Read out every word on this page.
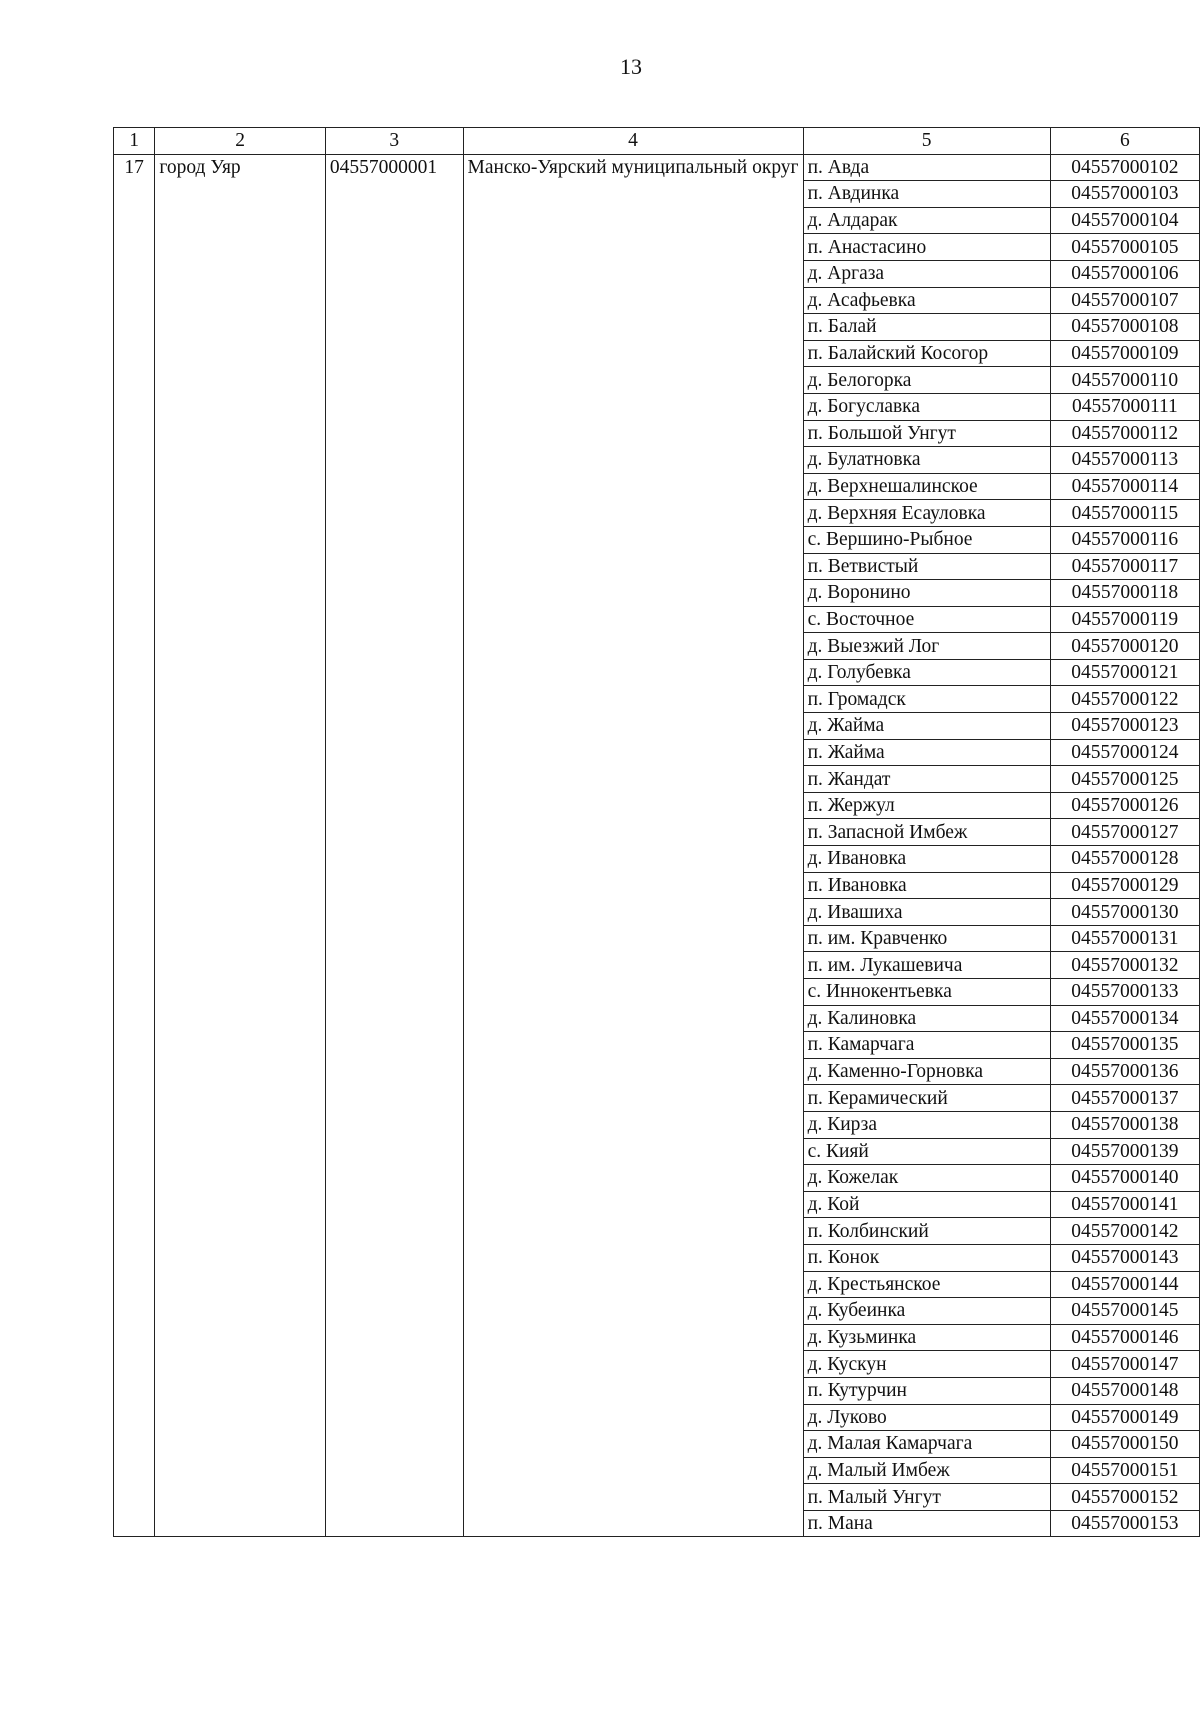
13
1	2	3	4	5	6
17	город Уяр	04557000001	Манско-Уярский муниципальный округ	п. Авда	04557000102
				п. Авдинка	04557000103
				д. Алдарак	04557000104
				п. Анастасино	04557000105
				д. Аргаза	04557000106
				д. Асафьевка	04557000107
				п. Балай	04557000108
				п. Балайский Косогор	04557000109
				д. Белогорка	04557000110
				д. Богуславка	04557000111
				п. Большой Унгут	04557000112
				д. Булатновка	04557000113
				д. Верхнешалинское	04557000114
				д. Верхняя Есауловка	04557000115
				с. Вершино-Рыбное	04557000116
				п. Ветвистый	04557000117
				д. Воронино	04557000118
				с. Восточное	04557000119
				д. Выезжий Лог	04557000120
				д. Голубевка	04557000121
				п. Громадск	04557000122
				д. Жайма	04557000123
				п. Жайма	04557000124
				п. Жандат	04557000125
				п. Жержул	04557000126
				п. Запасной Имбеж	04557000127
				д. Ивановка	04557000128
				п. Ивановка	04557000129
				д. Ивашиха	04557000130
				п. им. Кравченко	04557000131
				п. им. Лукашевича	04557000132
				с. Иннокентьевка	04557000133
				д. Калиновка	04557000134
				п. Камарчага	04557000135
				д. Каменно-Горновка	04557000136
				п. Керамический	04557000137
				д. Кирза	04557000138
				с. Кияй	04557000139
				д. Кожелак	04557000140
				д. Кой	04557000141
				п. Колбинский	04557000142
				п. Конок	04557000143
				д. Крестьянское	04557000144
				д. Кубеинка	04557000145
				д. Кузьминка	04557000146
				д. Кускун	04557000147
				п. Кутурчин	04557000148
				д. Луково	04557000149
				д. Малая Камарчага	04557000150
				д. Малый Имбеж	04557000151
				п. Малый Унгут	04557000152
				п. Мана	04557000153
